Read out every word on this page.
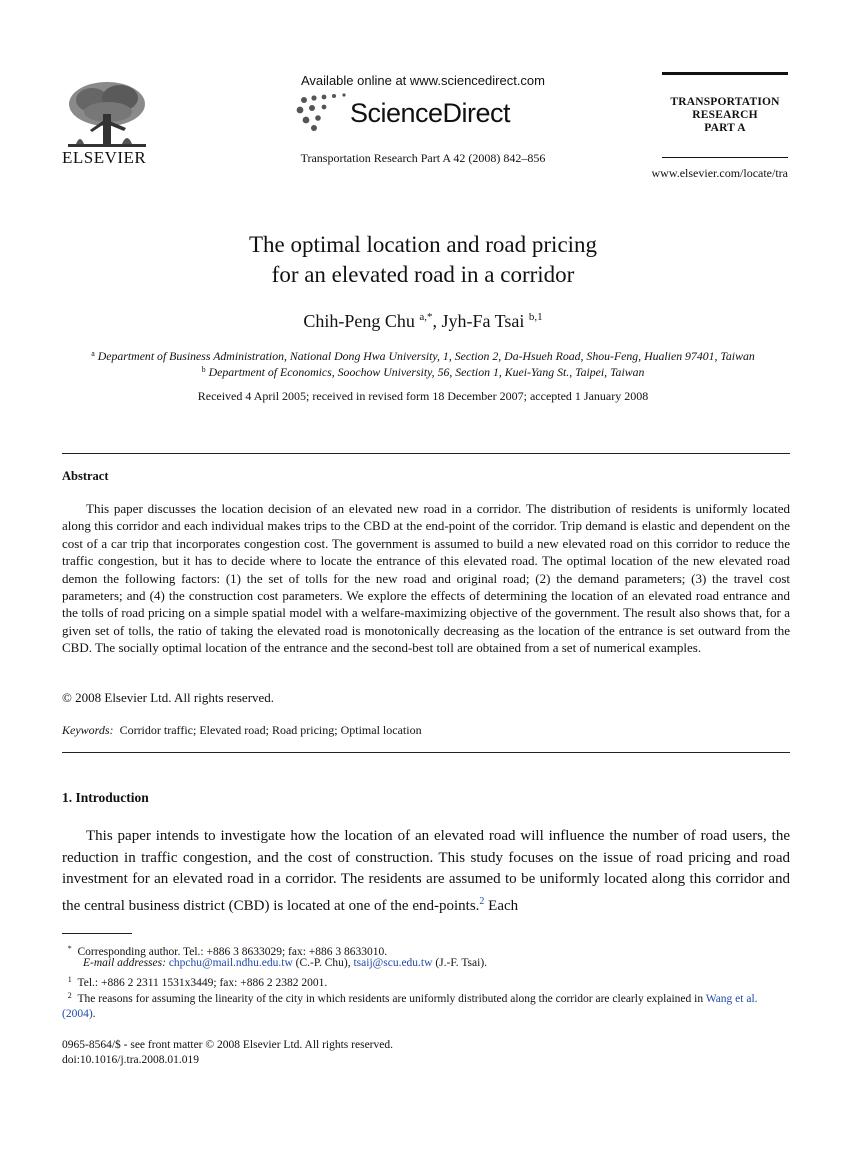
ELSEVIER
Available online at www.sciencedirect.com
ScienceDirect
Transportation Research Part A 42 (2008) 842–856
TRANSPORTATION
RESEARCH
PART A
www.elsevier.com/locate/tra
The optimal location and road pricing
for an elevated road in a corridor
Chih-Peng Chu $^{a,*}$, Jyh-Fa Tsai $^{b,1}$
$^a$ Department of Business Administration, National Dong Hwa University, 1, Section 2, Da-Hsueh Road, Shou-Feng, Hualien 97401, Taiwan
$^b$ Department of Economics, Soochow University, 56, Section 1, Kuei-Yang St., Taipei, Taiwan
Received 4 April 2005; received in revised form 18 December 2007; accepted 1 January 2008
Abstract
This paper discusses the location decision of an elevated new road in a corridor. The distribution of residents is uniformly located along this corridor and each individual makes trips to the CBD at the end-point of the corridor. Trip demand is elastic and dependent on the cost of a car trip that incorporates congestion cost. The government is assumed to build a new elevated road on this corridor to reduce the traffic congestion, but it has to decide where to locate the entrance of this elevated road. The optimal location of the new elevated road demon the following factors: (1) the set of tolls for the new road and original road; (2) the demand parameters; (3) the travel cost parameters; and (4) the construction cost parameters. We explore the effects of determining the location of an elevated road entrance and the tolls of road pricing on a simple spatial model with a welfare-maximizing objective of the government. The result also shows that, for a given set of tolls, the ratio of taking the elevated road is monotonically decreasing as the location of the entrance is set outward from the CBD. The socially optimal location of the entrance and the second-best toll are obtained from a set of numerical examples.
© 2008 Elsevier Ltd. All rights reserved.
Keywords: Corridor traffic; Elevated road; Road pricing; Optimal location
1. Introduction
This paper intends to investigate how the location of an elevated road will influence the number of road users, the reduction in traffic congestion, and the cost of construction. This study focuses on the issue of road pricing and road investment for an elevated road in a corridor. The residents are assumed to be uniformly located along this corridor and the central business district (CBD) is located at one of the end-points.$^2$ Each
* Corresponding author. Tel.: +886 3 8633029; fax: +886 3 8633010.
E-mail addresses: chpchu@mail.ndhu.edu.tw (C.-P. Chu), tsaij@scu.edu.tw (J.-F. Tsai).
$^1$ Tel.: +886 2 2311 1531x3449; fax: +886 2 2382 2001.
$^2$ The reasons for assuming the linearity of the city in which residents are uniformly distributed along the corridor are clearly explained in Wang et al. (2004).
0965-8564/$ - see front matter © 2008 Elsevier Ltd. All rights reserved.
doi:10.1016/j.tra.2008.01.019
